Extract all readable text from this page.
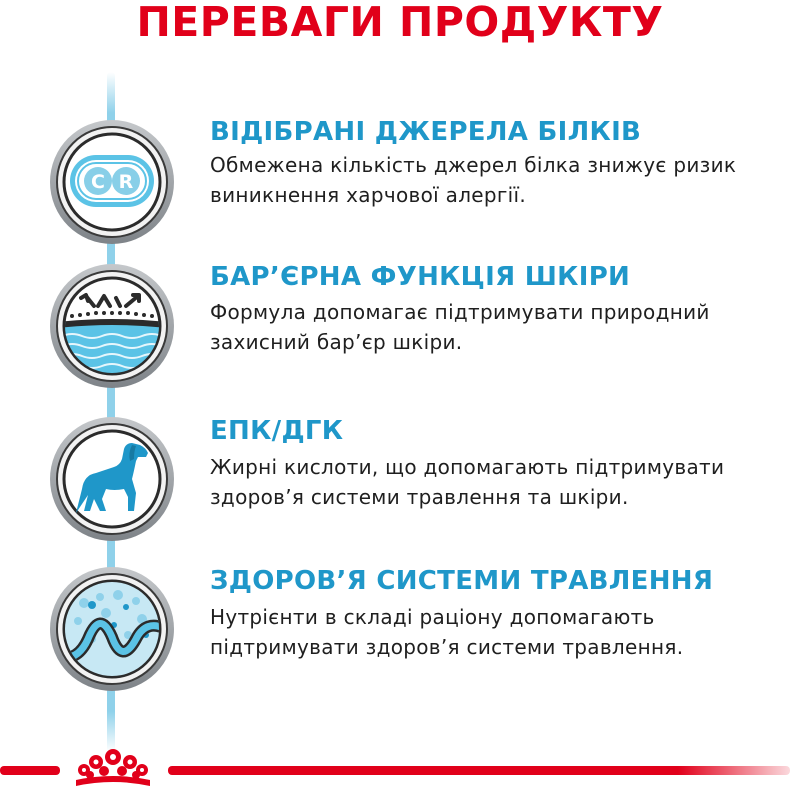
ПЕРЕВАГИ ПРОДУКТУ
C R
ВІДІБРАНІ ДЖЕРЕЛА БІЛКІВ
Обмежена кількість джерел білка знижує ризик
виникнення харчової алергії.
БАР’ЄРНА ФУНКЦІЯ ШКІРИ
Формула допомагає підтримувати природний
захисний бар’єр шкіри.
ЕПК/ДГК
Жирні кислоти, що допомагають підтримувати
здоров’я системи травлення та шкіри.
ЗДОРОВ’Я СИСТЕМИ ТРАВЛЕННЯ
Нутрієнти в складі раціону допомагають
підтримувати здоров’я системи травлення.
